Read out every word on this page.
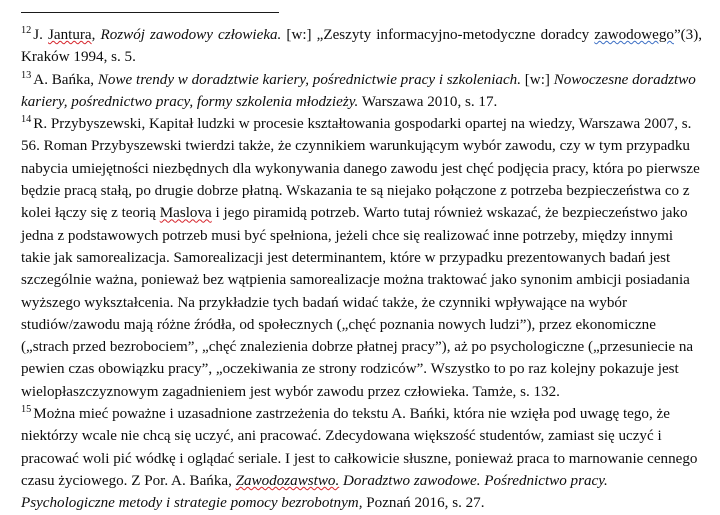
$^{12}$ J. Jantura, Rozwój zawodowy człowieka. [w:] „Zeszyty informacyjno-metodyczne doradcy zawodowego”(3), Kraków 1994, s. 5.

$^{13}$ A. Bańka, Nowe trendy w doradztwie kariery, pośrednictwie pracy i szkoleniach. [w:] Nowoczesne doradztwo kariery, pośrednictwo pracy, formy szkolenia młodzieży. Warszawa 2010, s. 17.

$^{14}$ R. Przybyszewski, Kapitał ludzki w procesie kształtowania gospodarki opartej na wiedzy, Warszawa 2007, s. 56. Roman Przybyszewski twierdzi także, że czynnikiem warunkującym wybór zawodu, czy w tym przypadku nabycia umiejętności niezbędnych dla wykonywania danego zawodu jest chęć podjęcia pracy, która po pierwsze będzie pracą stałą, po drugie dobrze płatną. Wskazania te są niejako połączone z potrzeba bezpieczeństwa co z kolei łączy się z teorią Maslova i jego piramidą potrzeb. Warto tutaj również wskazać, że bezpieczeństwo jako jedna z podstawowych potrzeb musi być spełniona, jeżeli chce się realizować inne potrzeby, między innymi takie jak samorealizacja. Samorealizacji jest determinantem, które w przypadku prezentowanych badań jest szczególnie ważna, ponieważ bez wątpienia samorealizacje można traktować jako synonim ambicji posiadania wyższego wykształcenia. Na przykładzie tych badań widać także, że czynniki wpływające na wybór studiów/zawodu mają różne źródła, od społecznych („chęć poznania nowych ludzi”), przez ekonomiczne („strach przed bezrobociem”, „chęć znalezienia dobrze płatnej pracy”), aż po psychologiczne („przesuniecie na pewien czas obowiązku pracy”, „oczekiwania ze strony rodziców”. Wszystko to po raz kolejny pokazuje jest wielopłaszczyznowym zagadnieniem jest wybór zawodu przez człowieka. Tamże, s. 132.

$^{15}$ Można mieć poważne i uzasadnione zastrzeżenia do tekstu A. Bańki, która nie wzięła pod uwagę tego, że niektórzy wcale nie chcą się uczyć, ani pracować. Zdecydowana większość studentów, zamiast się uczyć i pracować woli pić wódkę i oglądać seriale. I jest to całkowicie słuszne, ponieważ praca to marnowanie cennego czasu życiowego. Z Por. A. Bańka, Zawodozawstwo. Doradztwo zawodowe. Pośrednictwo pracy. Psychologiczne metody i strategie pomocy bezrobotnym, Poznań 2016, s. 27.
